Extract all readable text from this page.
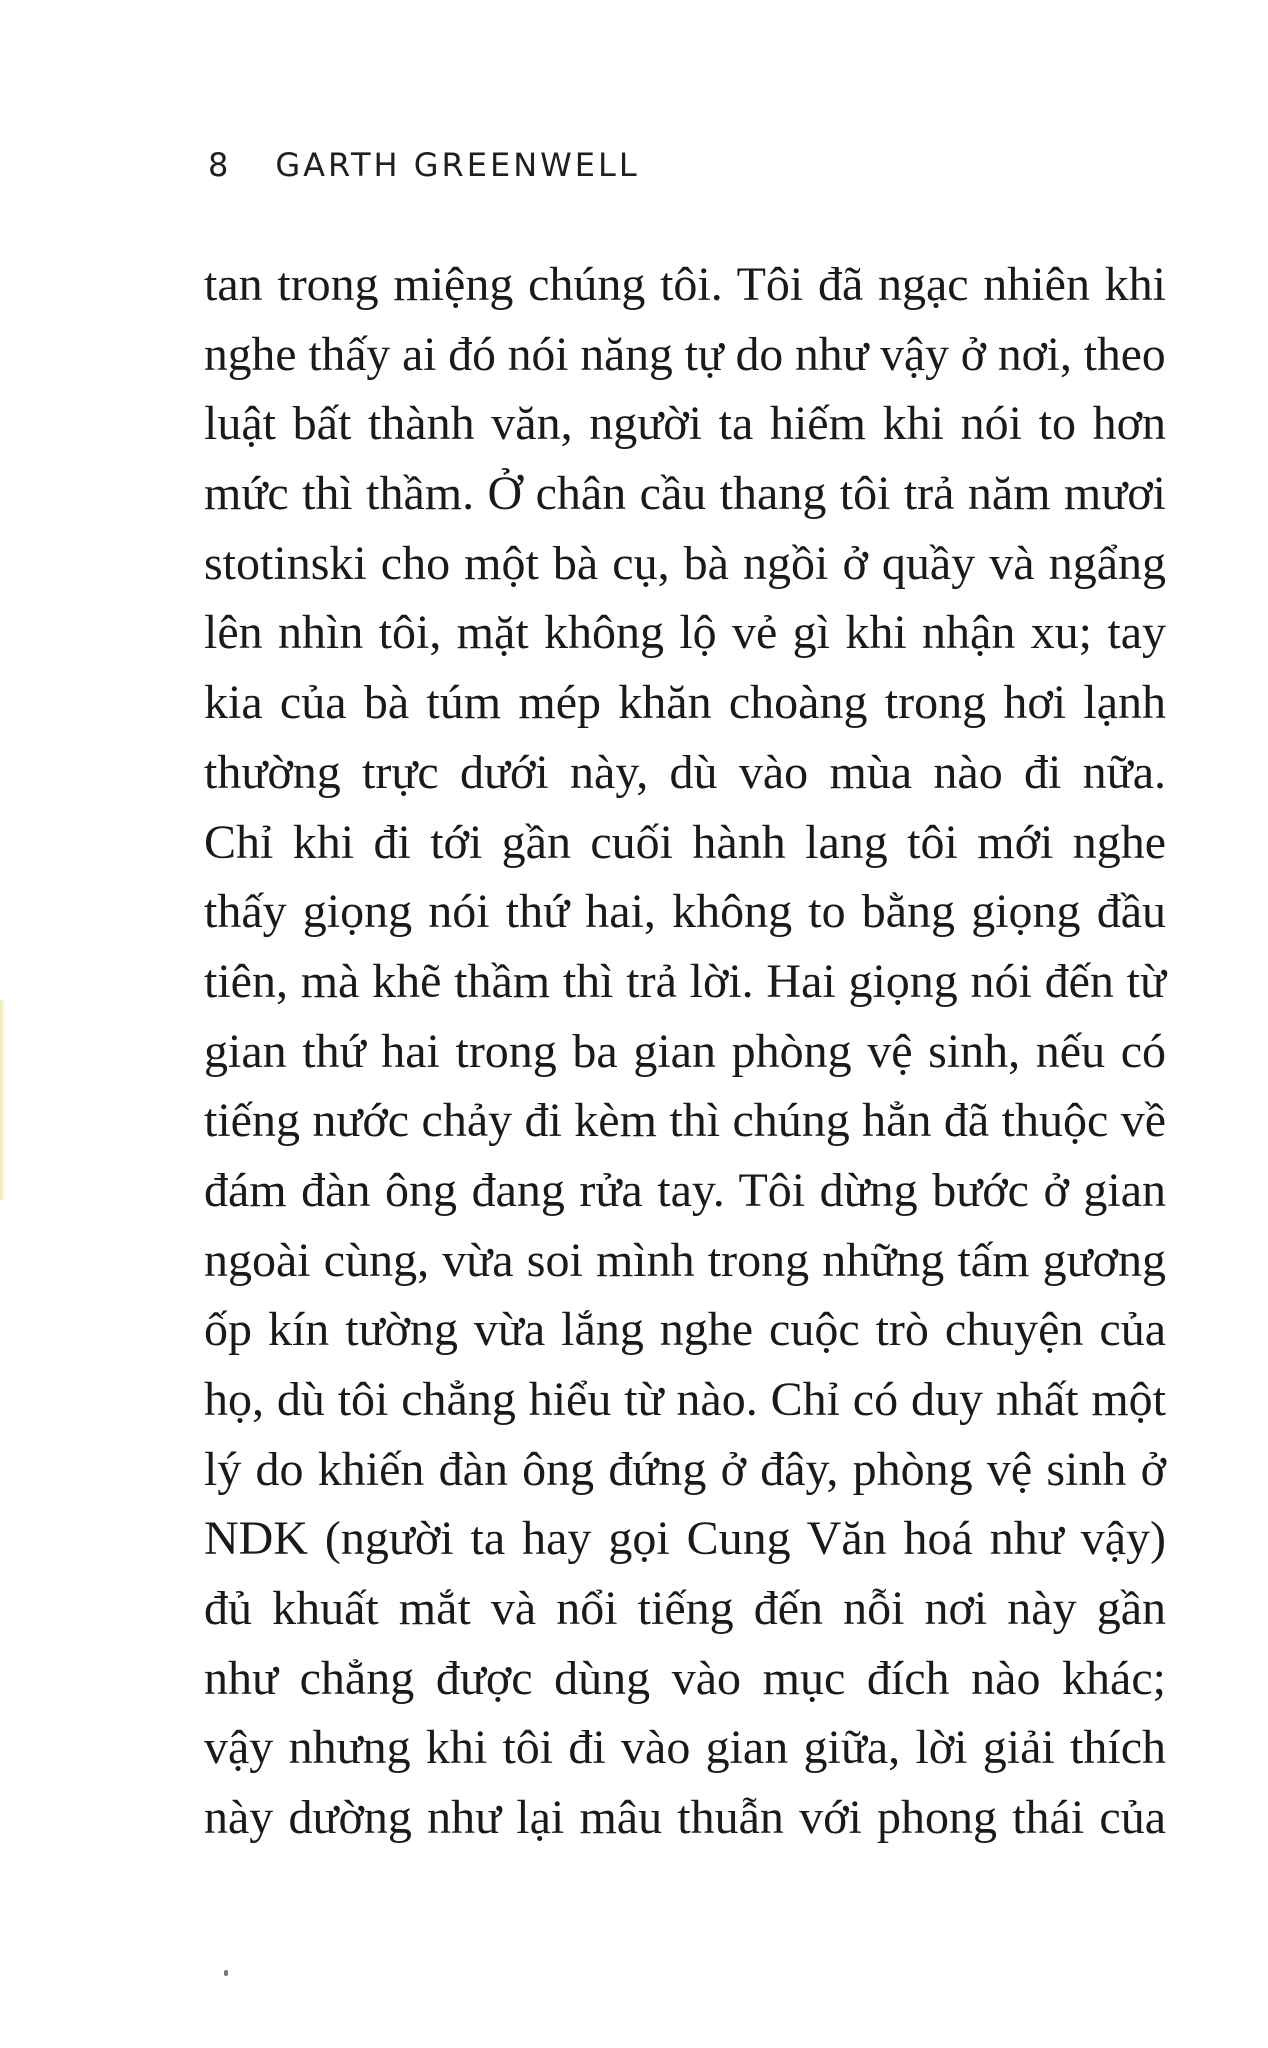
8 GARTH GREENWELL
tan trong miệng chúng tôi. Tôi đã ngạc nhiên khi
nghe thấy ai đó nói năng tự do như vậy ở nơi, theo
luật bất thành văn, người ta hiếm khi nói to hơn
mức thì thầm. Ở chân cầu thang tôi trả năm mươi
stotinski cho một bà cụ, bà ngồi ở quầy và ngẩng
lên nhìn tôi, mặt không lộ vẻ gì khi nhận xu; tay
kia của bà túm mép khăn choàng trong hơi lạnh
thường trực dưới này, dù vào mùa nào đi nữa.
Chỉ khi đi tới gần cuối hành lang tôi mới nghe
thấy giọng nói thứ hai, không to bằng giọng đầu
tiên, mà khẽ thầm thì trả lời. Hai giọng nói đến từ
gian thứ hai trong ba gian phòng vệ sinh, nếu có
tiếng nước chảy đi kèm thì chúng hẳn đã thuộc về
đám đàn ông đang rửa tay. Tôi dừng bước ở gian
ngoài cùng, vừa soi mình trong những tấm gương
ốp kín tường vừa lắng nghe cuộc trò chuyện của
họ, dù tôi chẳng hiểu từ nào. Chỉ có duy nhất một
lý do khiến đàn ông đứng ở đây, phòng vệ sinh ở
NDK (người ta hay gọi Cung Văn hoá như vậy)
đủ khuất mắt và nổi tiếng đến nỗi nơi này gần
như chẳng được dùng vào mục đích nào khác;
vậy nhưng khi tôi đi vào gian giữa, lời giải thích
này dường như lại mâu thuẫn với phong thái của
